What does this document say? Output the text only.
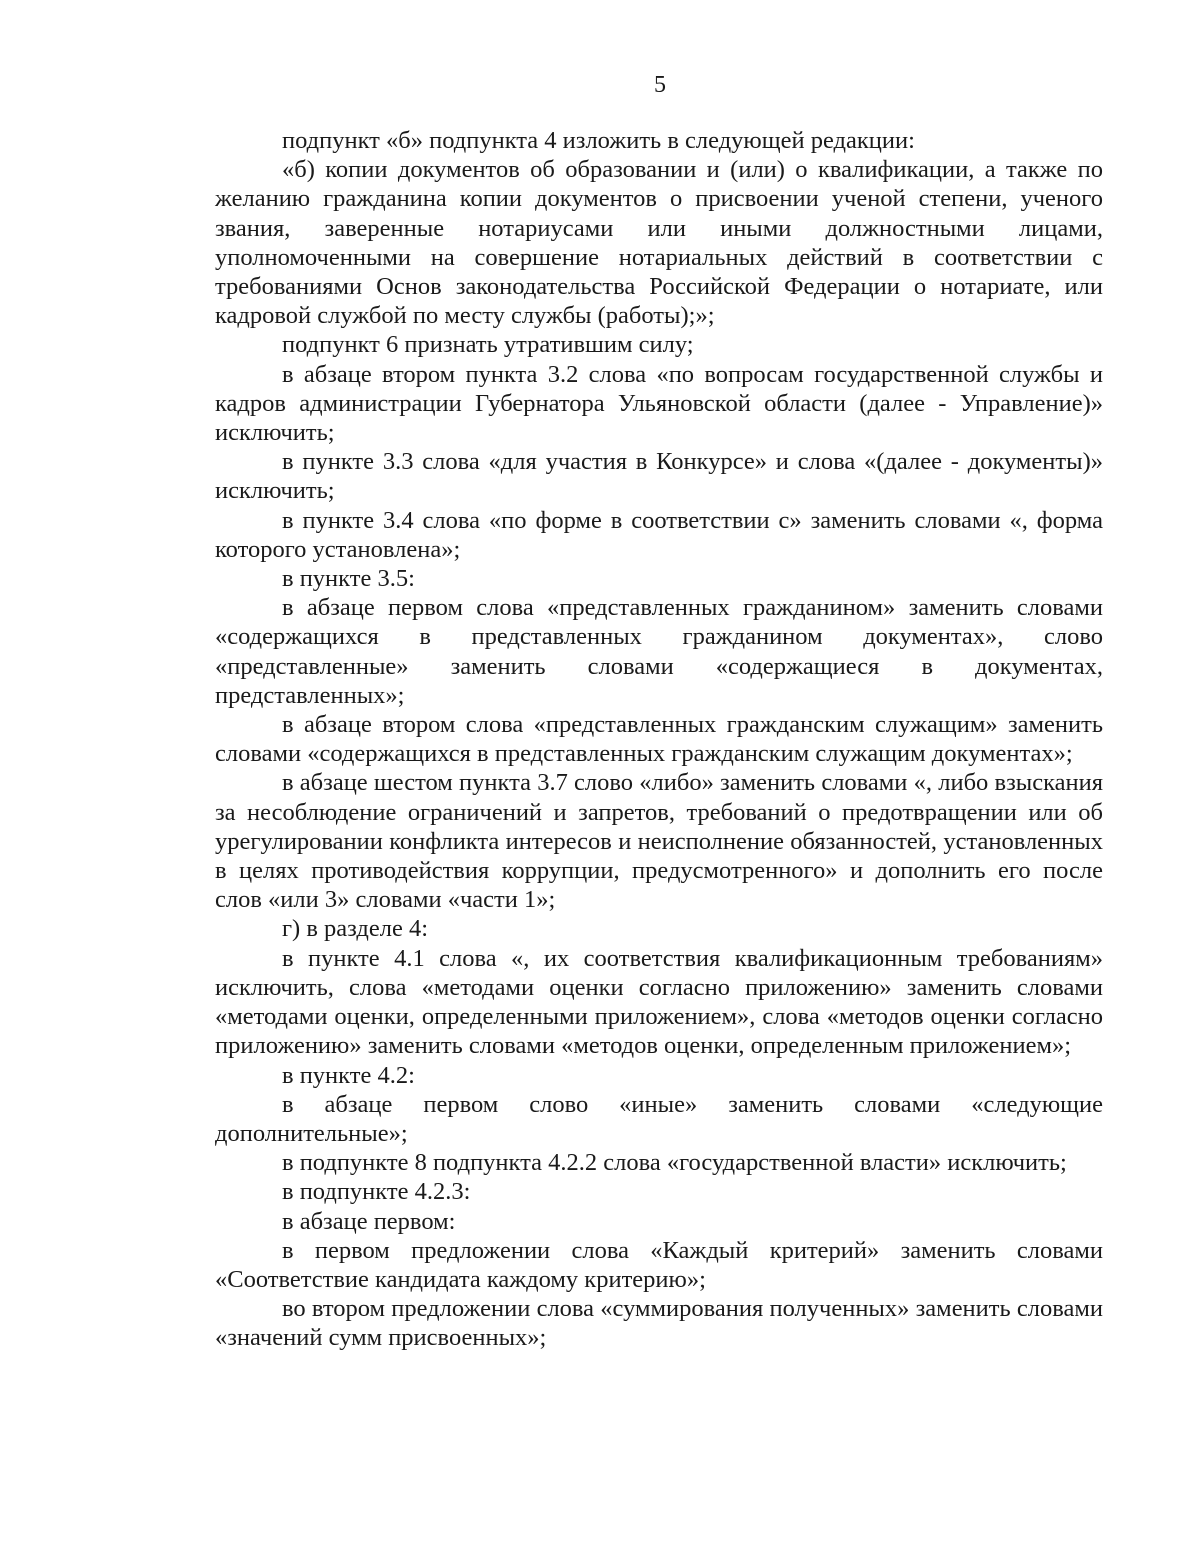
5

подпункт «б» подпункта 4 изложить в следующей редакции:

«б) копии документов об образовании и (или) о квалификации, а также по желанию гражданина копии документов о присвоении ученой степени, ученого звания, заверенные нотариусами или иными должностными лицами, уполномоченными на совершение нотариальных действий в соответствии с требованиями Основ законодательства Российской Федерации о нотариате, или кадровой службой по месту службы (работы);»;

подпункт 6 признать утратившим силу;

в абзаце втором пункта 3.2 слова «по вопросам государственной службы и кадров администрации Губернатора Ульяновской области (далее - Управление)» исключить;

в пункте 3.3 слова «для участия в Конкурсе» и слова «(далее - документы)» исключить;

в пункте 3.4 слова «по форме в соответствии с» заменить словами «, форма которого установлена»;

в пункте 3.5:

в абзаце первом слова «представленных гражданином» заменить словами «содержащихся в представленных гражданином документах», слово «представленные» заменить словами «содержащиеся в документах, представленных»;

в абзаце втором слова «представленных гражданским служащим» заменить словами «содержащихся в представленных гражданским служащим документах»;

в абзаце шестом пункта 3.7 слово «либо» заменить словами «, либо взыскания за несоблюдение ограничений и запретов, требований о предотвращении или об урегулировании конфликта интересов и неисполнение обязанностей, установленных в целях противодействия коррупции, предусмотренного» и дополнить его после слов «или 3» словами «части 1»;

г) в разделе 4:

в пункте 4.1 слова «, их соответствия квалификационным требованиям» исключить, слова «методами оценки согласно приложению» заменить словами «методами оценки, определенными приложением», слова «методов оценки согласно приложению» заменить словами «методов оценки, определенным приложением»;

в пункте 4.2:

в абзаце первом слово «иные» заменить словами «следующие дополнительные»;

в подпункте 8 подпункта 4.2.2 слова «государственной власти» исключить;

в подпункте 4.2.3:

в абзаце первом:

в первом предложении слова «Каждый критерий» заменить словами «Соответствие кандидата каждому критерию»;

во втором предложении слова «суммирования полученных» заменить словами «значений сумм присвоенных»;
